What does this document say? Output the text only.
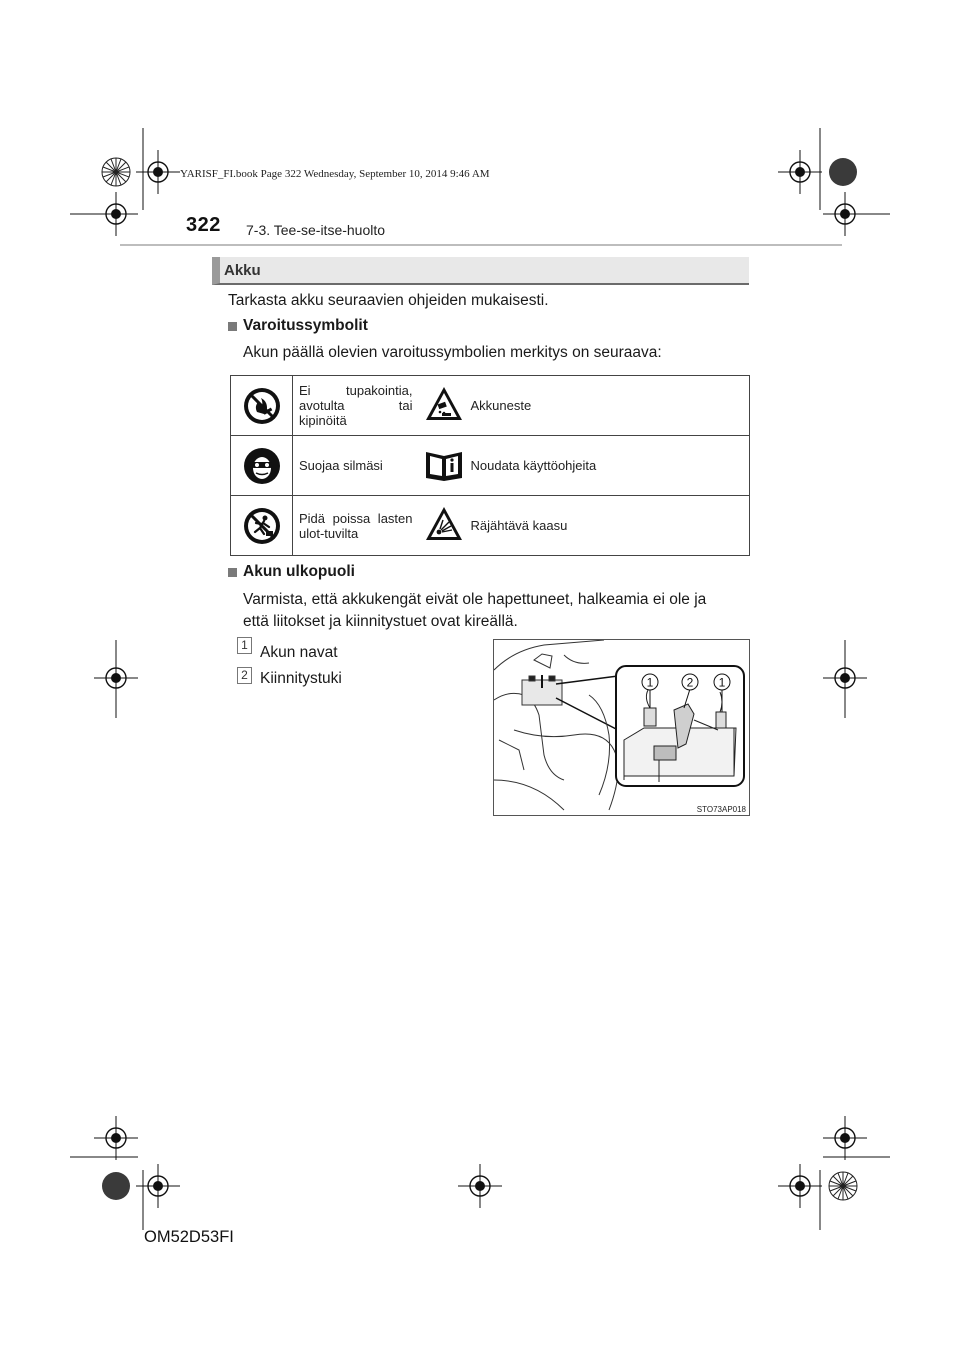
YARISF_FI.book Page 322 Wednesday, September 10, 2014 9:46 AM
322 7-3. Tee-se-itse-huolto
Akku
Tarkasta akku seuraavien ohjeiden mukaisesti.
Varoitussymbolit
Akun päällä olevien varoitussymbolien merkitys on seuraava:
	Ei tupakointia, avotulta tai kipinöitä		Akkuneste
	Suojaa silmäsi		Noudata käyttöohjeita
	Pidä poissa lasten ulot-tuvilta		Räjähtävä kaasu
Akun ulkopuoli
Varmista, että akkukengät eivät ole hapettuneet, halkeamia ei ole ja
että liitokset ja kiinnitystuet ovat kireällä.
1 Akun navat
2 Kiinnitystuki	1	2 1
STO73AP018
OM52D53FI
